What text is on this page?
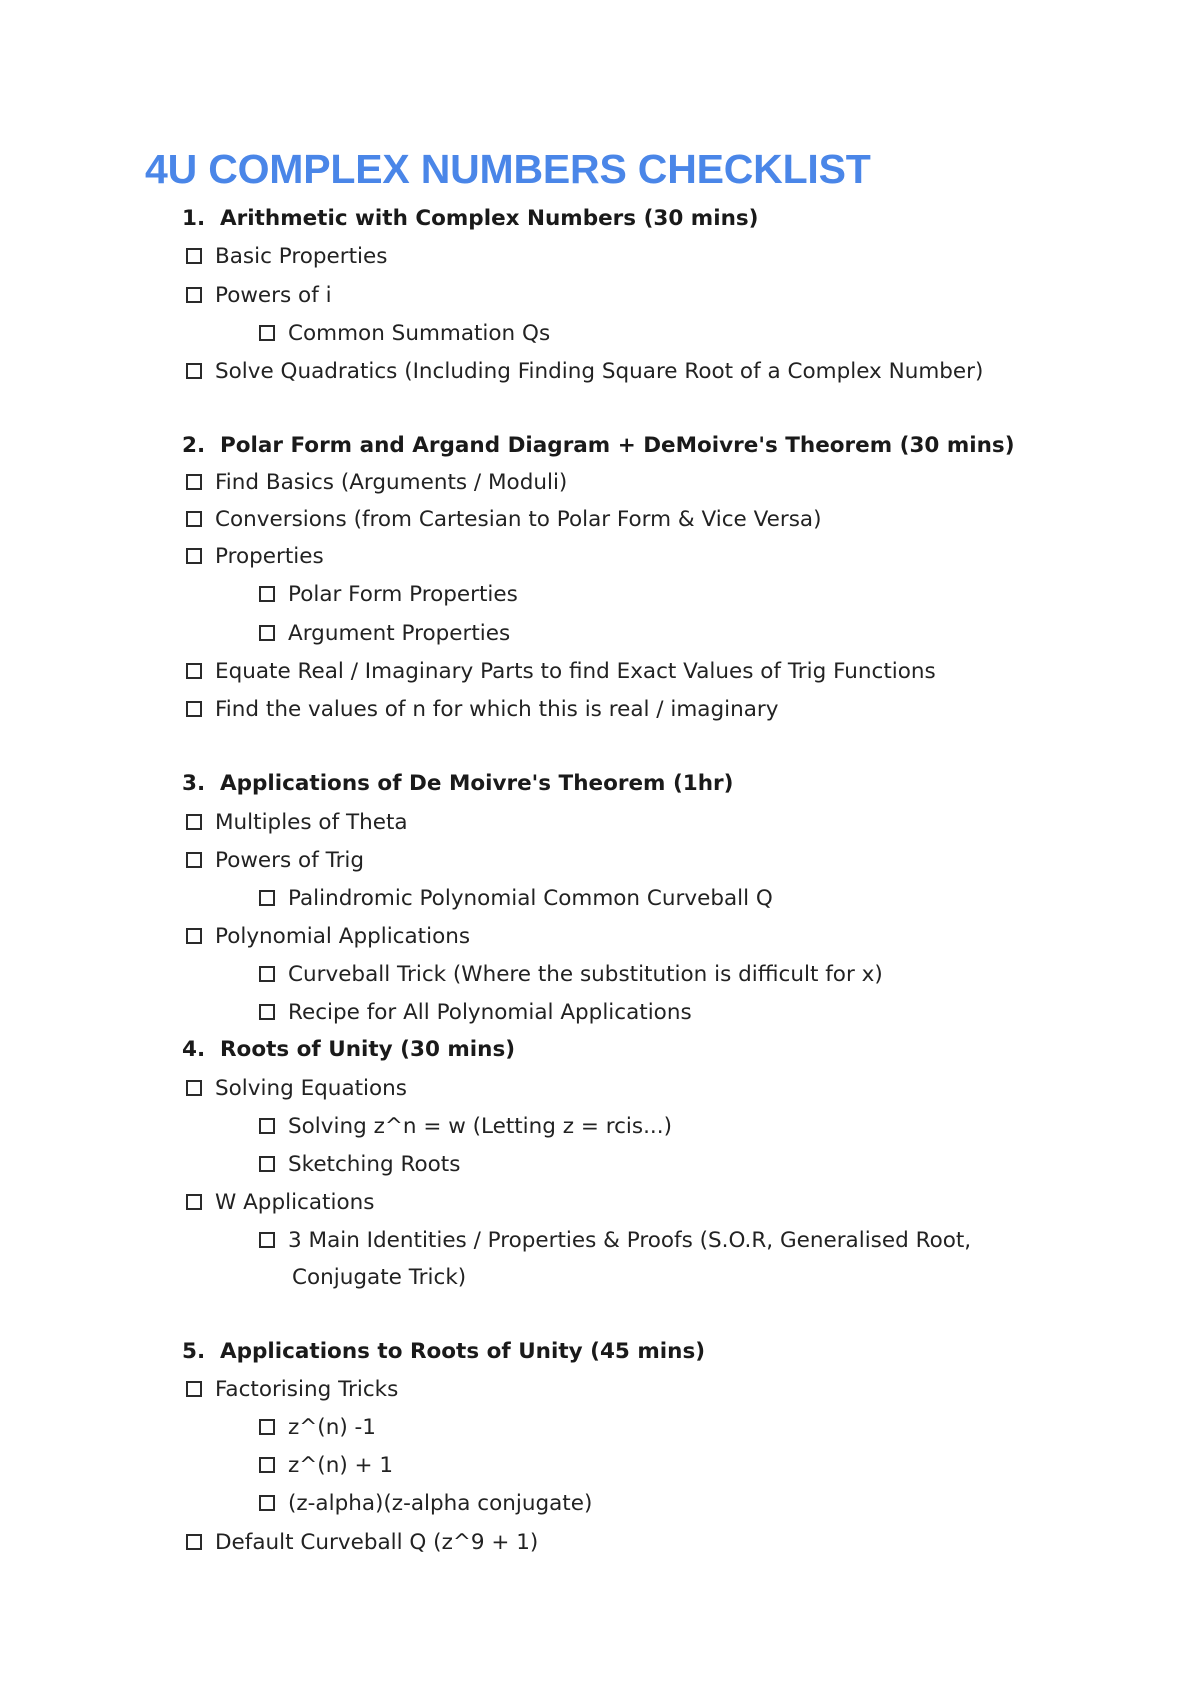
4U COMPLEX NUMBERS CHECKLIST
1. Arithmetic with Complex Numbers (30 mins)
Basic Properties
Powers of i
Common Summation Qs
Solve Quadratics (Including Finding Square Root of a Complex Number)
2. Polar Form and Argand Diagram + DeMoivre's Theorem (30 mins)
Find Basics (Arguments / Moduli)
Conversions (from Cartesian to Polar Form & Vice Versa)
Properties
Polar Form Properties
Argument Properties
Equate Real / Imaginary Parts to find Exact Values of Trig Functions
Find the values of n for which this is real / imaginary
3. Applications of De Moivre's Theorem (1hr)
Multiples of Theta
Powers of Trig
Palindromic Polynomial Common Curveball Q
Polynomial Applications
Curveball Trick (Where the substitution is difficult for x)
Recipe for All Polynomial Applications
4. Roots of Unity (30 mins)
Solving Equations
Solving z^n = w (Letting z = rcis...)
Sketching Roots
W Applications
3 Main Identities / Properties & Proofs (S.O.R, Generalised Root,
Conjugate Trick)
5. Applications to Roots of Unity (45 mins)
Factorising Tricks
z^(n) -1
z^(n) + 1
(z-alpha)(z-alpha conjugate)
Default Curveball Q (z^9 + 1)
